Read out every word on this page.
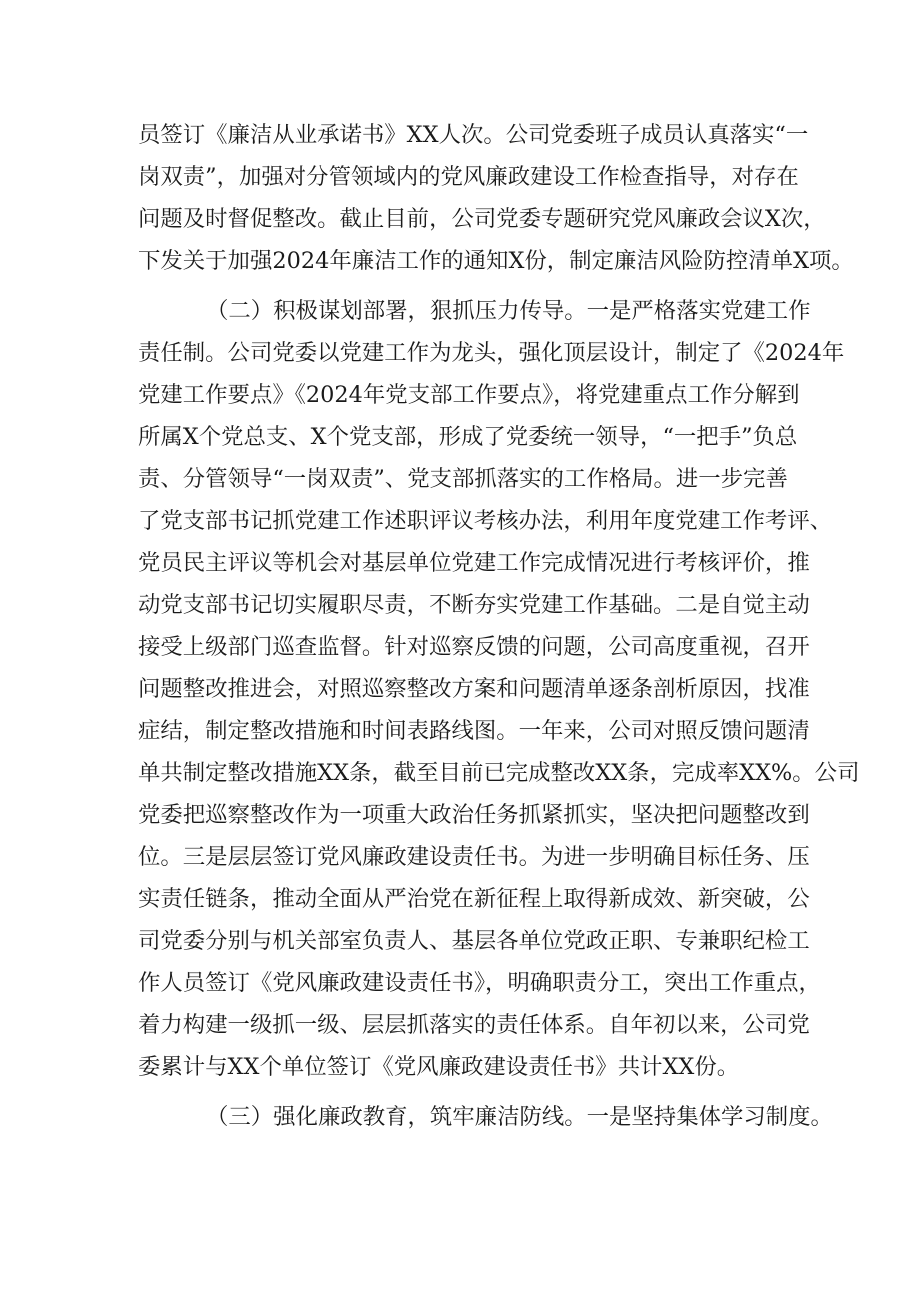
员签订《廉洁从业承诺书》XX人次。公司党委班子成员认真落实“一
岗双责”，加强对分管领域内的党风廉政建设工作检查指导，对存在
问题及时督促整改。截止目前，公司党委专题研究党风廉政会议X次，
下发关于加强2024年廉洁工作的通知X份，制定廉洁风险防控清单X项。
（二）积极谋划部署，狠抓压力传导。一是严格落实党建工作
责任制。公司党委以党建工作为龙头，强化顶层设计，制定了《2024年
党建工作要点》《2024年党支部工作要点》，将党建重点工作分解到
所属X个党总支、X个党支部，形成了党委统一领导，“一把手”负总
责、分管领导“一岗双责”、党支部抓落实的工作格局。进一步完善
了党支部书记抓党建工作述职评议考核办法，利用年度党建工作考评、
党员民主评议等机会对基层单位党建工作完成情况进行考核评价，推
动党支部书记切实履职尽责，不断夯实党建工作基础。二是自觉主动
接受上级部门巡查监督。针对巡察反馈的问题，公司高度重视，召开
问题整改推进会，对照巡察整改方案和问题清单逐条剖析原因，找准
症结，制定整改措施和时间表路线图。一年来，公司对照反馈问题清
单共制定整改措施XX条，截至目前已完成整改XX条，完成率XX%。公司
党委把巡察整改作为一项重大政治任务抓紧抓实，坚决把问题整改到
位。三是层层签订党风廉政建设责任书。为进一步明确目标任务、压
实责任链条，推动全面从严治党在新征程上取得新成效、新突破，公
司党委分别与机关部室负责人、基层各单位党政正职、专兼职纪检工
作人员签订《党风廉政建设责任书》，明确职责分工，突出工作重点，
着力构建一级抓一级、层层抓落实的责任体系。自年初以来，公司党
委累计与XX个单位签订《党风廉政建设责任书》共计XX份。
（三）强化廉政教育，筑牢廉洁防线。一是坚持集体学习制度。
